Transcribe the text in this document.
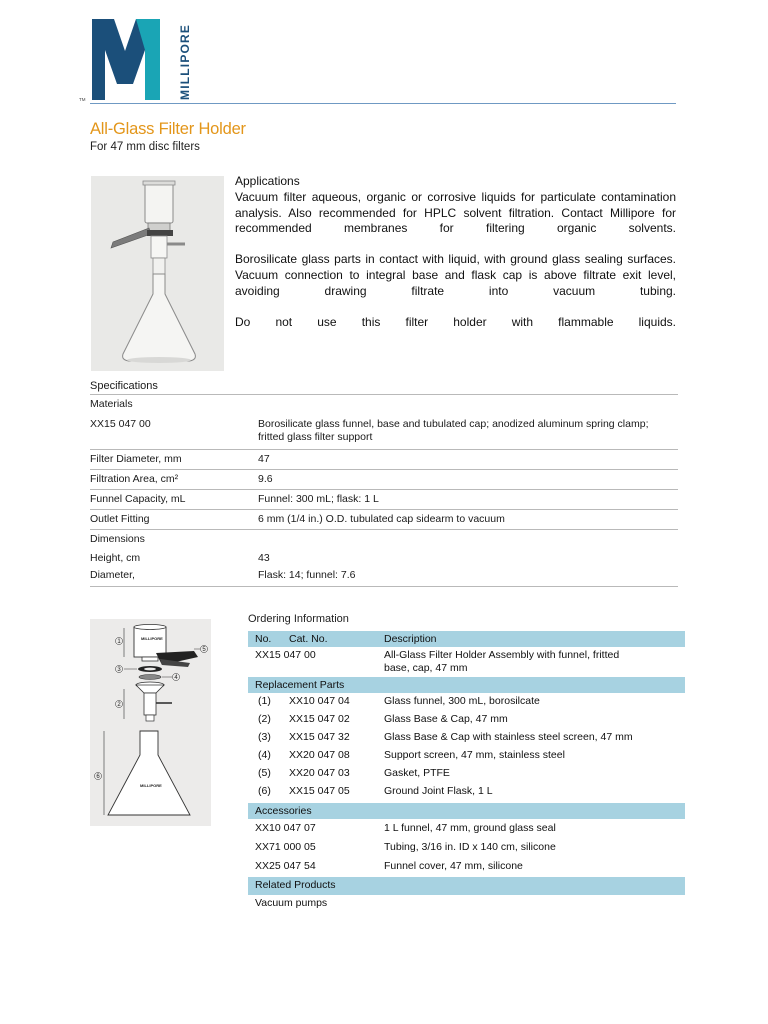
MILLIPORE
TM
All-Glass Filter Holder
For 47 mm disc filters

Applications

Vacuum filter aqueous, organic or corrosive liquids for particulate contamination analysis. Also recommended for HPLC solvent filtration. Contact Millipore for recommended membranes for filtering organic solvents.

Borosilicate glass parts in contact with liquid, with ground glass sealing surfaces. Vacuum connection to integral base and flask cap is above filtrate exit level, avoiding drawing filtrate into vacuum tubing.

Do not use this filter holder with flammable liquids.

Specifications
Materials
XX15 047 00	Borosilicate glass funnel, base and tubulated cap; anodized aluminum spring clamp; fritted glass filter support
Filter Diameter, mm	47
Filtration Area, cm²	9.6
Funnel Capacity, mL	Funnel: 300 mL; flask: 1 L
Outlet Fitting	6 mm (1/4 in.) O.D. tubulated cap sidearm to vacuum
Dimensions
Height, cm	43
Diameter,	Flask: 14; funnel: 7.6
MILLIPORE
MILLIPORE
1
2
3
4
5
6
Ordering Information
No. Cat. No.	Description
XX15 047 00	All-Glass Filter Holder Assembly with funnel, fritted
base, cap, 47 mm
Replacement Parts
(1) XX10 047 04	Glass funnel, 300 mL, borosilcate
(2) XX15 047 02	Glass Base & Cap, 47 mm
(3) XX15 047 32	Glass Base & Cap with stainless steel screen, 47 mm
(4) XX20 047 08	Support screen, 47 mm, stainless steel
(5) XX20 047 03	Gasket, PTFE
(6) XX15 047 05	Ground Joint Flask, 1 L
Accessories
XX10 047 07	1 L funnel, 47 mm, ground glass seal
XX71 000 05	Tubing, 3/16 in. ID x 140 cm, silicone
XX25 047 54	Funnel cover, 47 mm, silicone
Related Products
Vacuum pumps
